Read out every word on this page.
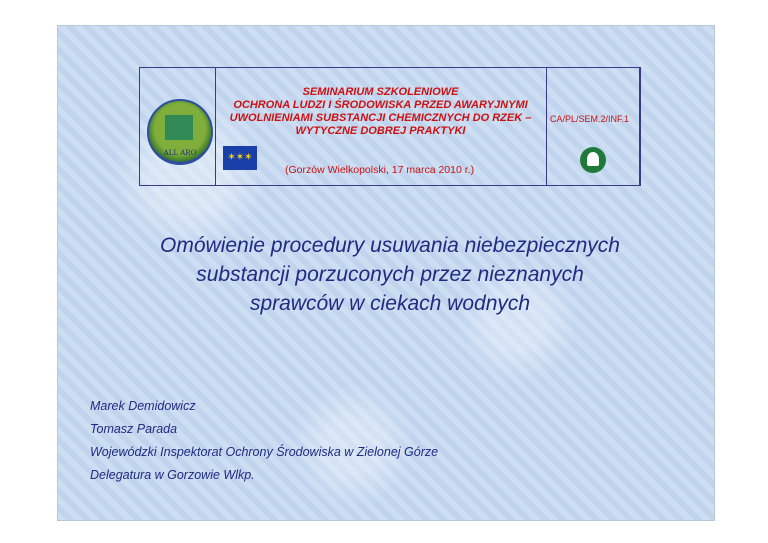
ALL ARO
SEMINARIUM SZKOLENIOWE
OCHRONA LUDZI I ŚRODOWISKA PRZED AWARYJNYMI
UWOLNIENIAMI SUBSTANCJI CHEMICZNYCH DO RZEK –
WYTYCZNE DOBREJ PRAKTYKI
✶✶✶
(Gorzów Wielkopolski, 17 marca 2010 r.)
CA/PL/SEM.2/INF.1
Omówienie procedury usuwania niebezpiecznych
substancji porzuconych przez nieznanych
sprawców w ciekach wodnych
Marek Demidowicz
Tomasz Parada
Wojewódzki Inspektorat Ochrony Środowiska w Zielonej Górze
Delegatura w Gorzowie Wlkp.
